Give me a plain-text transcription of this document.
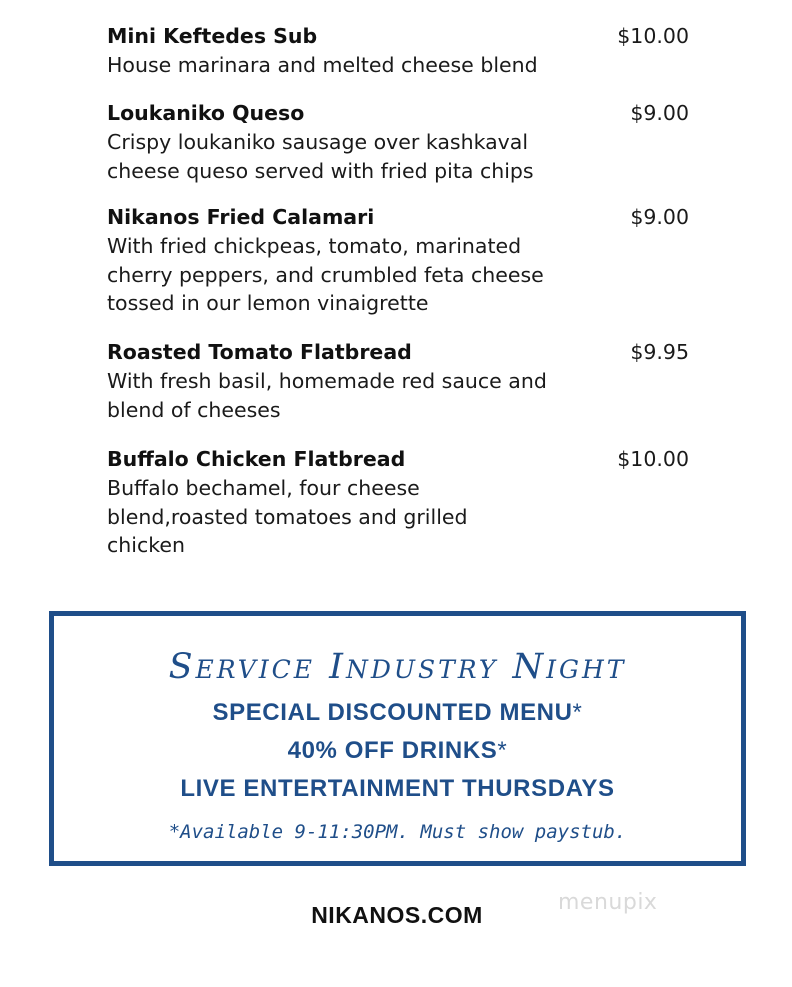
Mini Keftedes Sub	$10.00

House marinara and melted cheese blend

Loukaniko Queso	$9.00

Crispy loukaniko sausage over kashkaval

cheese queso served with fried pita chips

Nikanos Fried Calamari	$9.00

With fried chickpeas, tomato, marinated

cherry peppers, and crumbled feta cheese

tossed in our lemon vinaigrette

Roasted Tomato Flatbread	$9.95

With fresh basil, homemade red sauce and

blend of cheeses

Buffalo Chicken Flatbread	$10.00

Buffalo bechamel, four cheese

blend,roasted tomatoes and grilled

chicken

Service Industry Night
SPECIAL DISCOUNTED MENU*
40% OFF DRINKS*
LIVE ENTERTAINMENT THURSDAYS
*Available 9-11:30PM. Must show paystub.
NIKANOS.COM	menupix
